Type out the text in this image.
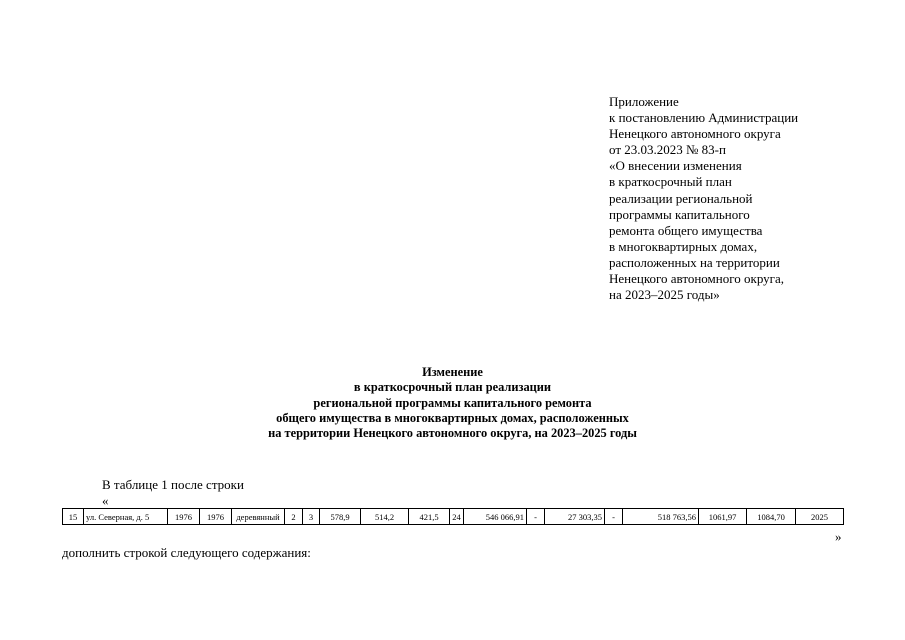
Приложение
к постановлению Администрации
Ненецкого автономного округа
от 23.03.2023 № 83-п
«О внесении изменения
в краткосрочный план
реализации региональной
программы капитального
ремонта общего имущества
в многоквартирных домах,
расположенных на территории
Ненецкого автономного округа,
на 2023–2025 годы»
Изменение
в краткосрочный план реализации
региональной программы капитального ремонта
общего имущества в многоквартирных домах, расположенных
на территории Ненецкого автономного округа, на 2023–2025 годы
В таблице 1 после строки
«
15	ул. Северная, д. 5	1976	1976	деревянный	2	3	578,9	514,2	421,5	24	546 066,91	-	27 303,35	-	518 763,56	1061,97	1084,70	2025
»
дополнить строкой следующего содержания:
